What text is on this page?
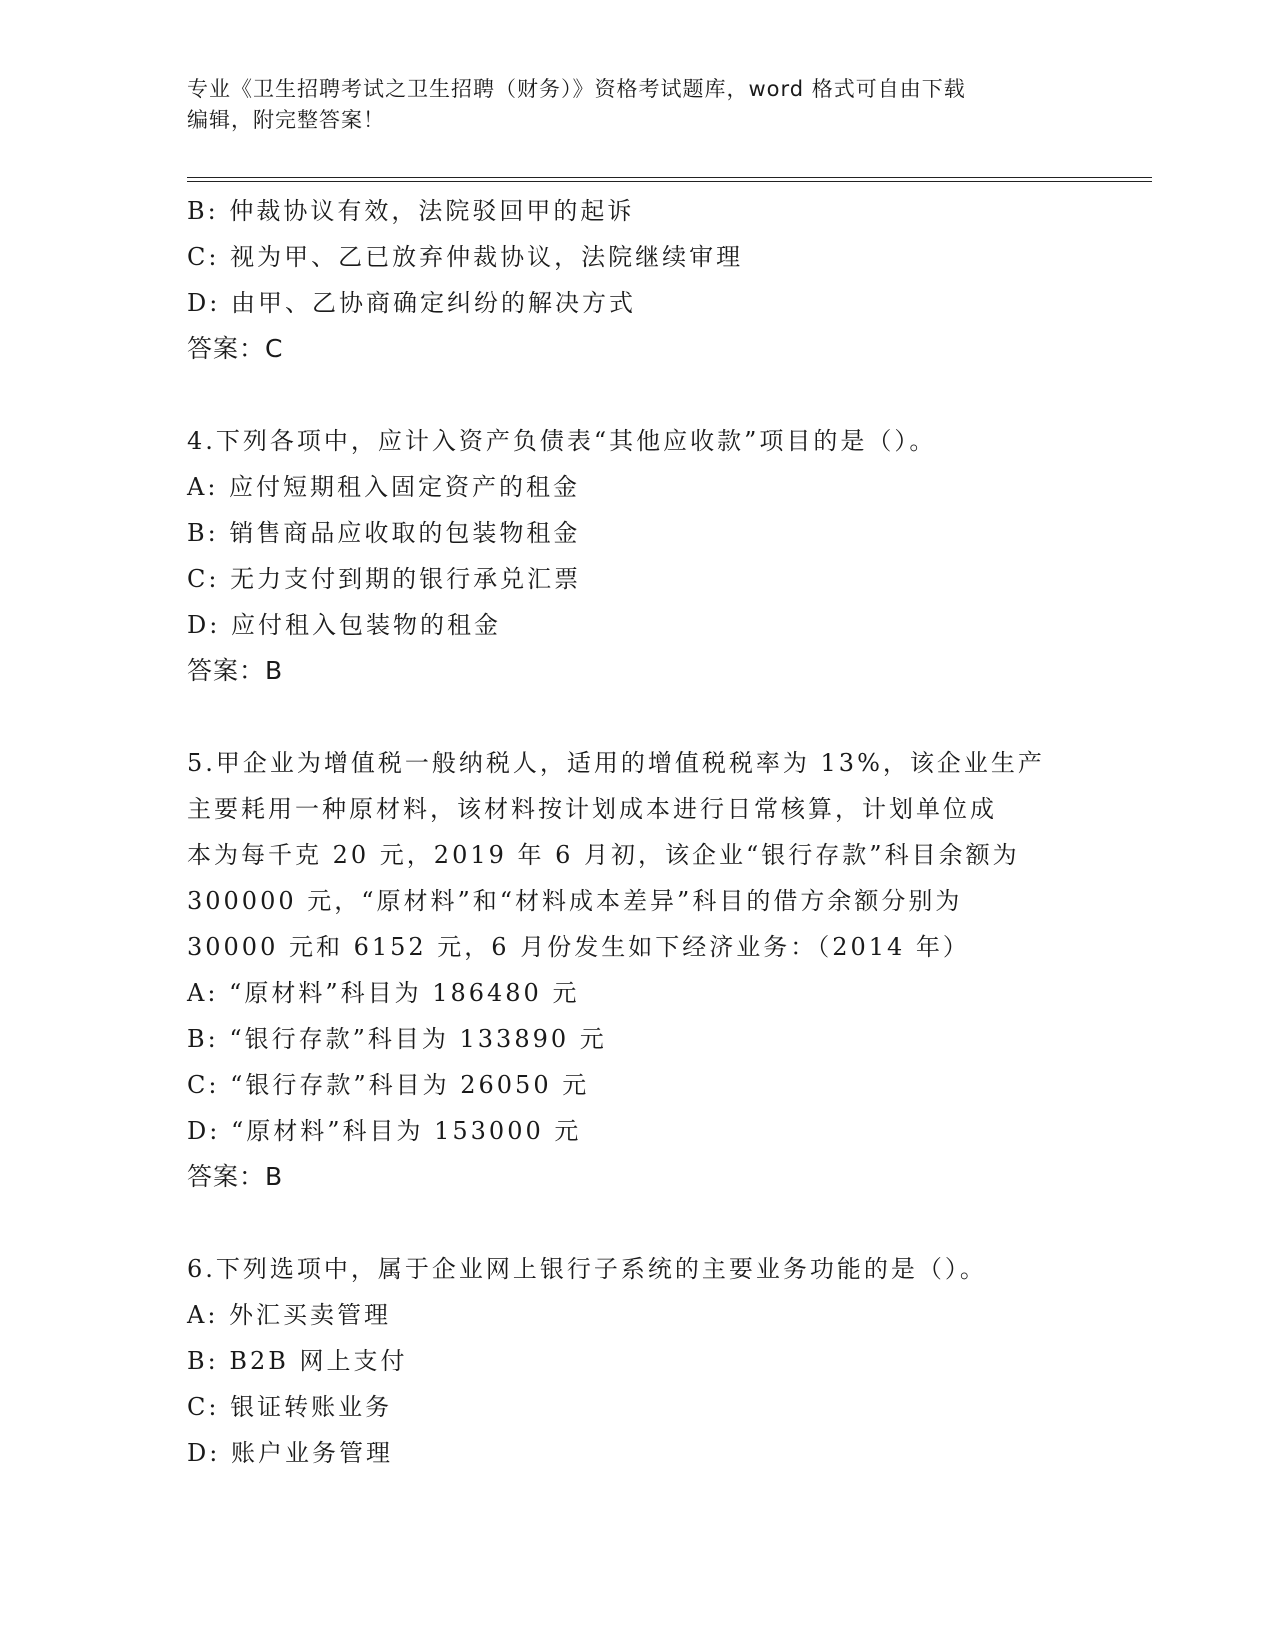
专业《卫生招聘考试之卫生招聘（财务）》资格考试题库，word 格式可自由下载
编辑，附完整答案！
B: 仲裁协议有效，法院驳回甲的起诉
C: 视为甲、乙已放弃仲裁协议，法院继续审理
D: 由甲、乙协商确定纠纷的解决方式
答案：C
4.下列各项中，应计入资产负债表“其他应收款”项目的是（）。
A: 应付短期租入固定资产的租金
B: 销售商品应收取的包装物租金
C: 无力支付到期的银行承兑汇票
D: 应付租入包装物的租金
答案：B
5.甲企业为增值税一般纳税人，适用的增值税税率为 13%，该企业生产
主要耗用一种原材料，该材料按计划成本进行日常核算，计划单位成
本为每千克 20 元，2019 年 6 月初，该企业“银行存款”科目余额为
300000 元，“原材料”和“材料成本差异”科目的借方余额分别为
30000 元和 6152 元，6 月份发生如下经济业务：（2014 年）
A: “原材料”科目为 186480 元
B: “银行存款”科目为 133890 元
C: “银行存款”科目为 26050 元
D: “原材料”科目为 153000 元
答案：B
6.下列选项中，属于企业网上银行子系统的主要业务功能的是（）。
A: 外汇买卖管理
B: B2B 网上支付
C: 银证转账业务
D: 账户业务管理
